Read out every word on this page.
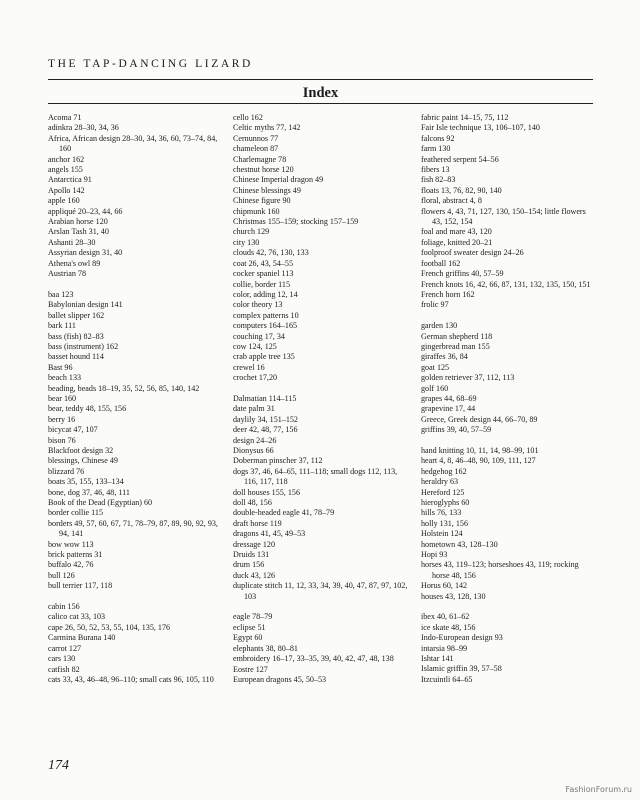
THE TAP-DANCING LIZARD
Index
Acoma 71
adinkra 28–30, 34, 36
Africa, African design 28–30, 34, 36, 60, 73–74, 84, 160
anchor 162
angels 155
Antarctica 91
Apollo 142
apple 160
appliqué 20–23, 44, 66
Arabian horse 120
Arslan Tash 31, 40
Ashanti 28–30
Assyrian design 31, 40
Athena's owl 89
Austrian 78
baa 123
Babylonian design 141
ballet slipper 162
bark 111
bass (fish) 82–83
bass (instrument) 162
basset hound 114
Bast 96
beach 133
beading, beads 18–19, 35, 52, 56, 85, 140, 142
bear 160
bear, teddy 48, 155, 156
berry 16
bicycat 47, 107
bison 76
Blackfoot design 32
blessings, Chinese 49
blizzard 76
boats 35, 155, 133–134
bone, dog 37, 46, 48, 111
Book of the Dead (Egyptian) 60
border collie 115
borders 49, 57, 60, 67, 71, 78–79, 87, 89, 90, 92, 93, 94, 141
bow wow 113
brick patterns 31
buffalo 42, 76
bull 126
bull terrier 117, 118
cabin 156
calico cat 33, 103
cape 26, 50, 52, 53, 55, 104, 135, 176
Carmina Burana 140
carrot 127
cars 130
catfish 82
cats 33, 43, 46–48, 96–110; small cats 96, 105, 110
cello 162
Celtic myths 77, 142
Cernunnos 77
chameleon 87
Charlemagne 78
chestnut horse 120
Chinese Imperial dragon 49
Chinese blessings 49
Chinese figure 90
chipmunk 160
Christmas 155–159; stocking 157–159
church 129
city 130
clouds 42, 76, 130, 133
coat 26, 43, 54–55
cocker spaniel 113
collie, border 115
color, adding 12, 14
color theory 13
complex patterns 10
computers 164–165
couching 17, 34
cow 124, 125
crab apple tree 135
crewel 16
crochet 17,20
Dalmatian 114–115
date palm 31
daylily 34, 151–152
deer 42, 48, 77, 156
design 24–26
Dionysus 66
Doberman pinscher 37, 112
dogs 37, 46, 64–65, 111–118; small dogs 112, 113, 116, 117, 118
doll houses 155, 156
doll 48, 156
double-headed eagle 41, 78–79
draft horse 119
dragons 41, 45, 49–53
dressage 120
Druids 131
drum 156
duck 43, 126
duplicate stitch 11, 12, 33, 34, 39, 40, 47, 87, 97, 102, 103
eagle 78–79
eclipse 51
Egypt 60
elephants 38, 80–81
embroidery 16–17, 33–35, 39, 40, 42, 47, 48, 138
Eostre 127
European dragons 45, 50–53
fabric paint 14–15, 75, 112
Fair Isle technique 13, 106–107, 140
falcons 92
farm 130
feathered serpent 54–56
fibers 13
fish 82–83
floats 13, 76, 82, 90, 140
floral, abstract 4, 8
flowers 4, 43, 71, 127, 130, 150–154; little flowers 43, 152, 154
foal and mare 43, 120
foliage, knitted 20–21
foolproof sweater design 24–26
football 162
French griffins 40, 57–59
French knots 16, 42, 66, 87, 131, 132, 135, 150, 151
French horn 162
frolic 97
garden 130
German shepherd 118
gingerbread man 155
giraffes 36, 84
goat 125
golden retriever 37, 112, 113
golf 160
grapes 44, 68–69
grapevine 17, 44
Greece, Greek design 44, 66–70, 89
griffins 39, 40, 57–59
hand knitting 10, 11, 14, 98–99, 101
heart 4, 8, 46–48, 90, 109, 111, 127
hedgehog 162
heraldry 63
Hereford 125
hieroglyphs 60
hills 76, 133
holly 131, 156
Holstein 124
hometown 43, 128–130
Hopi 93
horses 43, 119–123; horseshoes 43, 119; rocking horse 48, 156
Horus 60, 142
houses 43, 128, 130
ibex 40, 61–62
ice skate 48, 156
Indo-European design 93
intarsia 98–99
Ishtar 141
Islamic griffin 39, 57–58
Itzcuintli 64–65
174
FashionForum.ru
